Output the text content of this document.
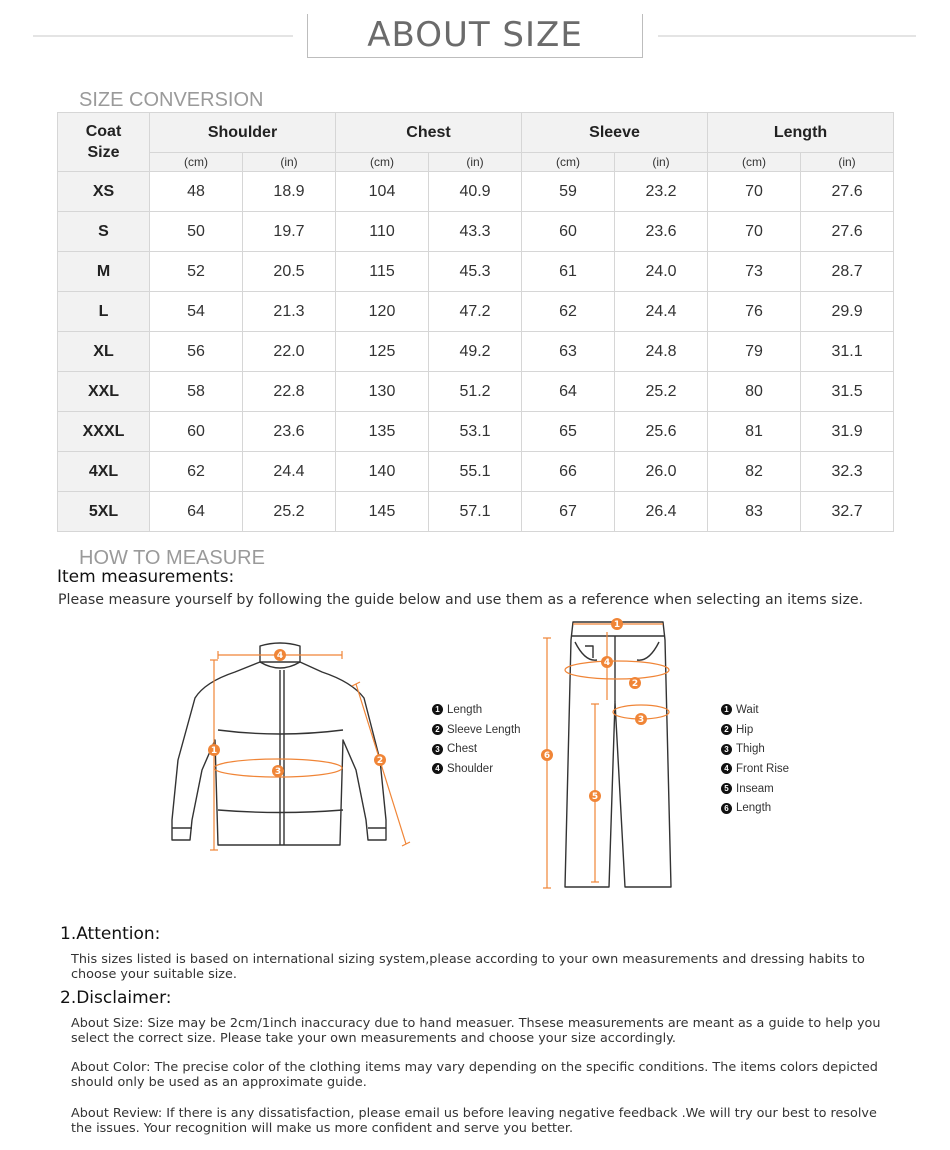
ABOUT SIZE
SIZE CONVERSION
Coat
Size	Shoulder		Chest		Sleeve		Length	
	(cm)	(in)	(cm)	(in)	(cm)	(in)	(cm)	(in)
XS	48	18.9	104	40.9	59	23.2	70	27.6
S	50	19.7	110	43.3	60	23.6	70	27.6
M	52	20.5	115	45.3	61	24.0	73	28.7
L	54	21.3	120	47.2	62	24.4	76	29.9
XL	56	22.0	125	49.2	63	24.8	79	31.1
XXL	58	22.8	130	51.2	64	25.2	80	31.5
XXXL	60	23.6	135	53.1	65	25.6	81	31.9
4XL	62	24.4	140	55.1	66	26.0	82	32.3
5XL	64	25.2	145	57.1	67	26.4	83	32.7
HOW TO MEASURE
Item measurements:
Please measure yourself by following the guide below and use them as a reference when selecting an items size.
4
1
3
2
1 Length
2 Sleeve Length
3 Chest
4 Shoulder
1
4
2
3
6
5
1 Wait
2 Hip
3 Thigh
4 Front Rise
5 Inseam
6 Length
1.Attention:
This sizes listed is based on international sizing system,please according to your own measurements and dressing habits to choose your suitable size.
2.Disclaimer:
About Size: Size may be 2cm/1inch inaccuracy due to hand measuer. Thsese measurements are meant as a guide to help you select the correct size. Please take your own measurements and choose your size accordingly.
About Color: The precise color of the clothing items may vary depending on the specific conditions. The items colors depicted should only be used as an approximate guide.
About Review: If there is any dissatisfaction, please email us before leaving negative feedback .We will try our best to resolve the issues. Your recognition will make us more confident and serve you better.
